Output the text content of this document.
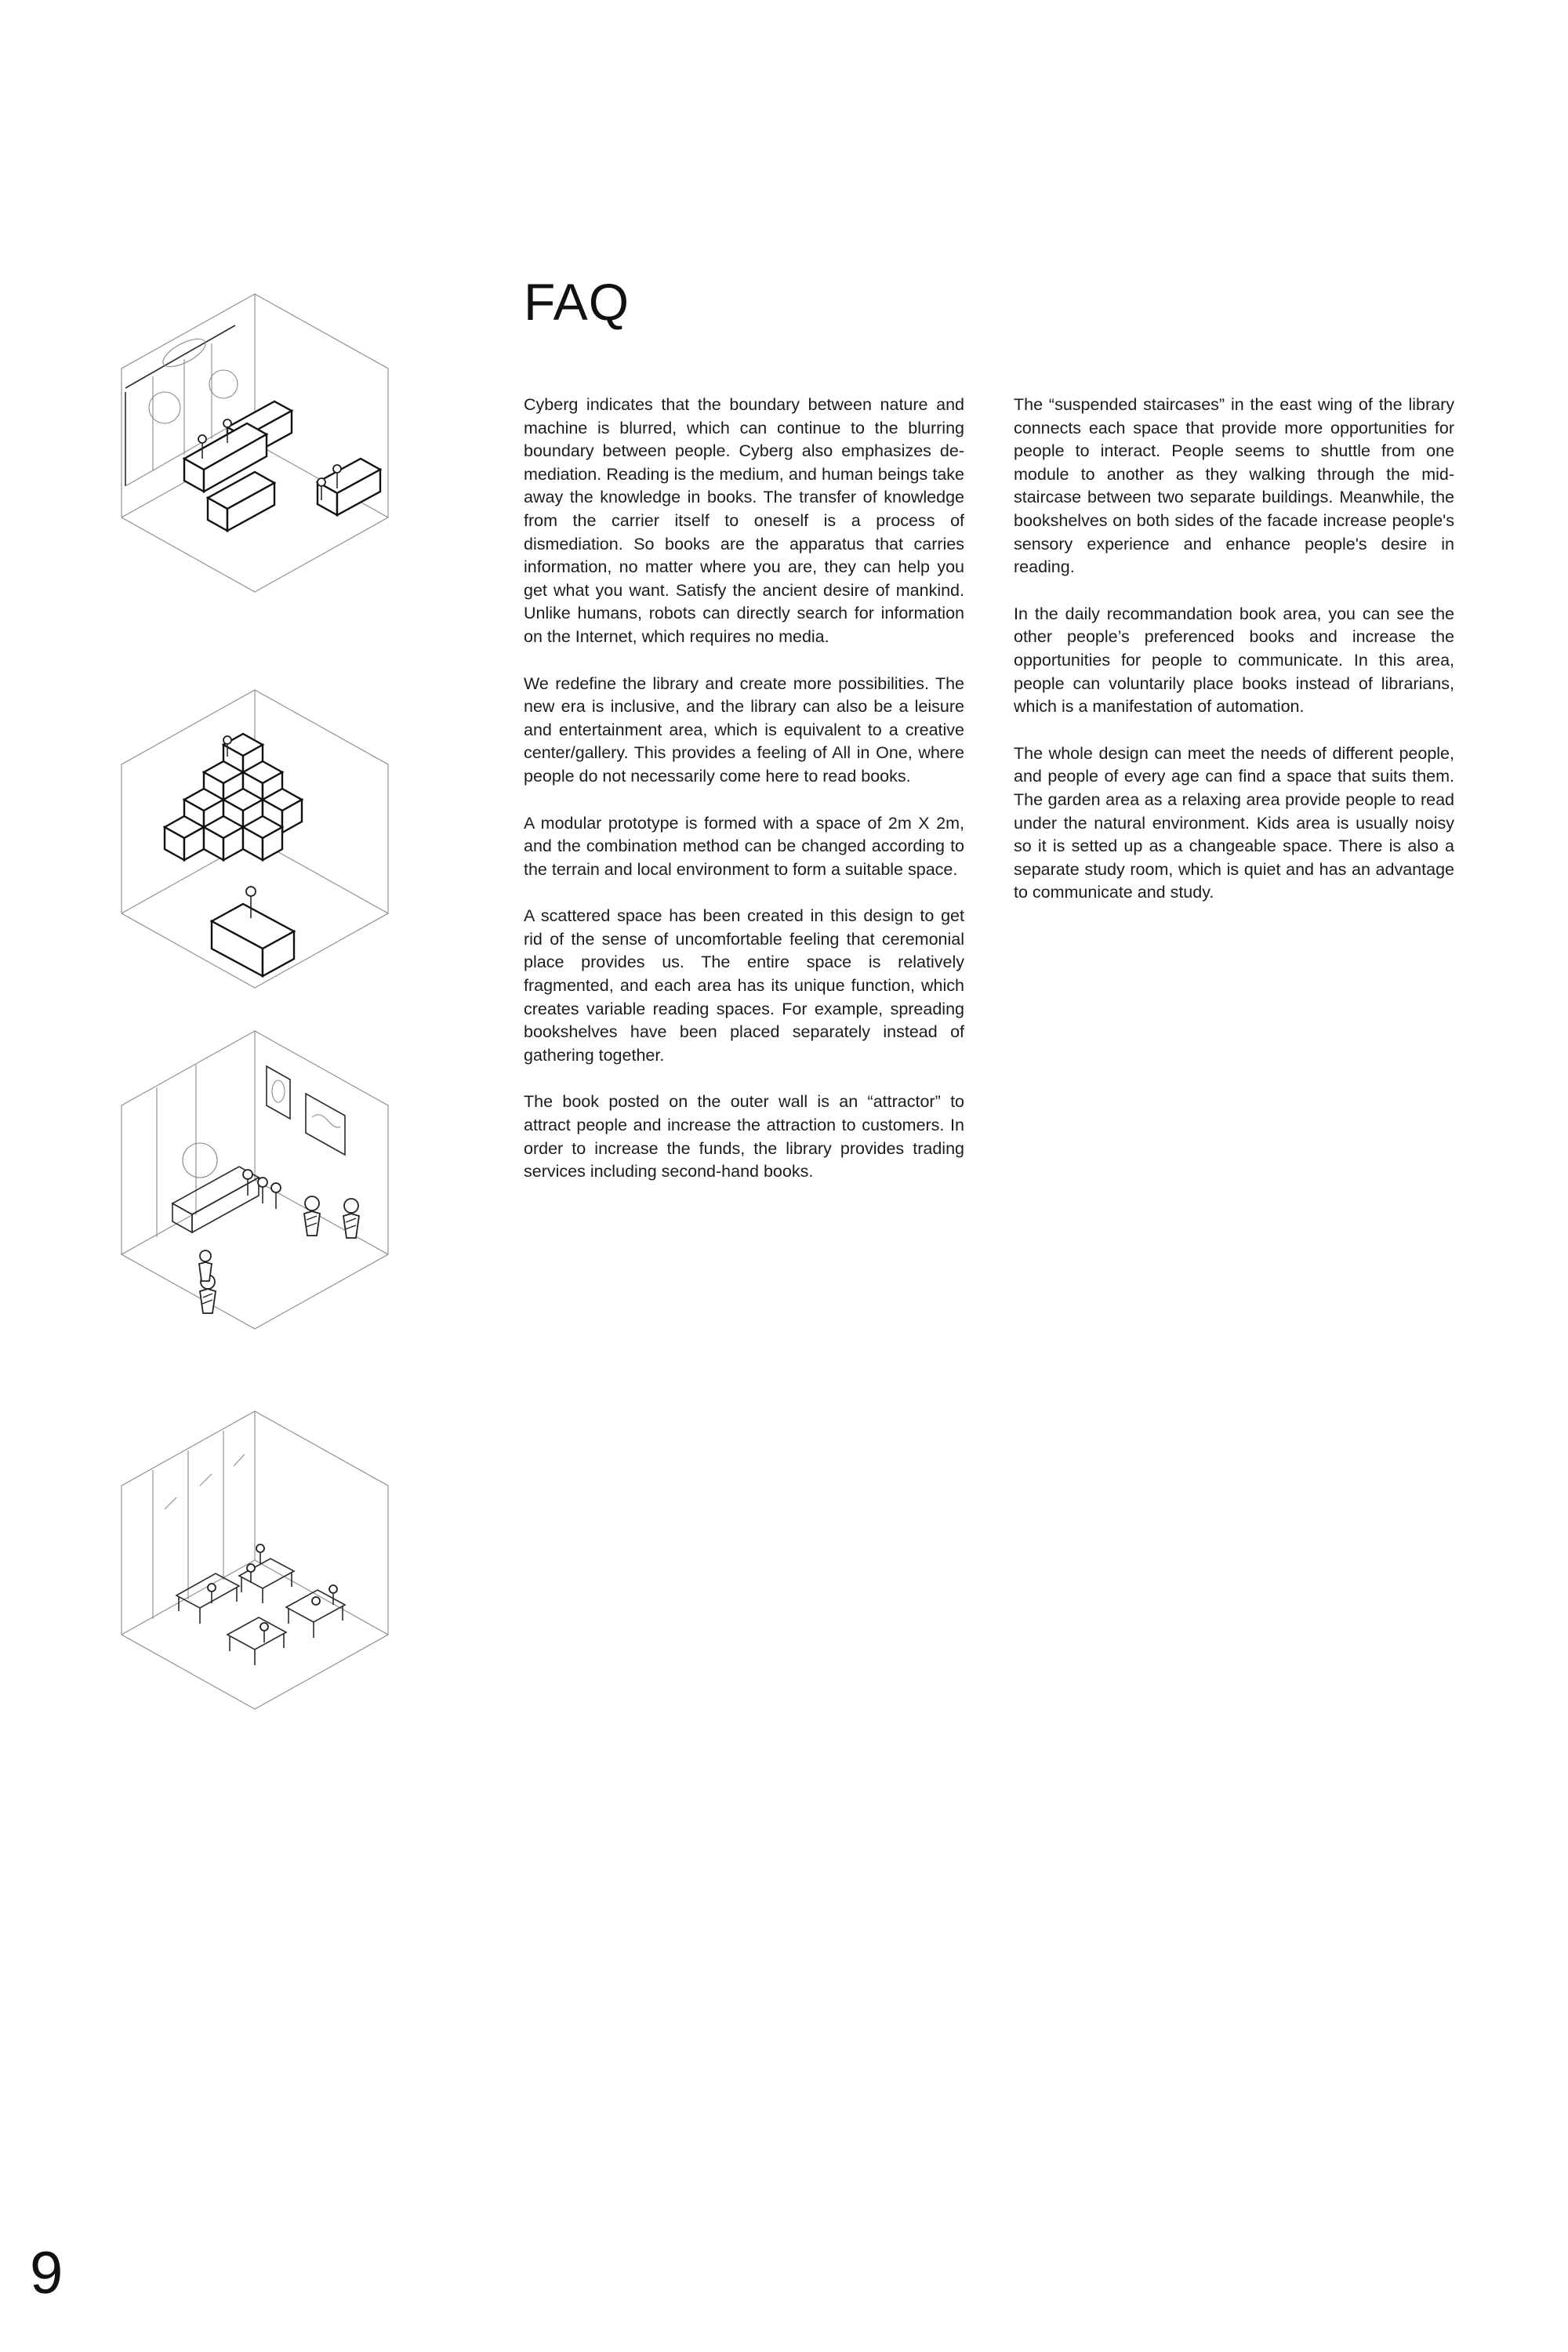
FAQ

Cyberg indicates that the boundary between nature and machine is blurred, which can continue to the blurring boundary between people. Cyberg also emphasizes de-mediation. Reading is the medium, and human beings take away the knowledge in books. The transfer of knowledge from the carrier itself to oneself is a process of dismediation. So books are the apparatus that carries information, no matter where you are, they can help you get what you want. Satisfy the ancient desire of mankind. Unlike humans, robots can directly search for information on the Internet, which requires no media.

We redefine the library and create more possibilities. The new era is inclusive, and the library can also be a leisure and entertainment area, which is equivalent to a creative center/gallery. This provides a feeling of All in One, where people do not necessarily come here to read books.

A modular prototype is formed with a space of 2m X 2m, and the combination method can be changed according to the terrain and local environment to form a suitable space.

A scattered space has been created in this design to get rid of the sense of uncomfortable feeling that ceremonial place provides us. The entire space is relatively fragmented, and each area has its unique function, which creates variable reading spaces. For example, spreading bookshelves have been placed separately instead of gathering together.

The book posted on the outer wall is an “attractor” to attract people and increase the attraction to customers. In order to increase the funds, the library provides trading services including second-hand books.

The “suspended staircases” in the east wing of the library connects each space that provide more opportunities for people to interact. People seems to shuttle from one module to another as they walking through the mid-staircase between two separate buildings. Meanwhile, the bookshelves on both sides of the facade increase people's sensory experience and enhance people's desire in reading.

In the daily recommandation book area, you can see the other people’s preferenced books and increase the opportunities for people to communicate. In this area, people can voluntarily place books instead of librarians, which is a manifestation of automation.

The whole design can meet the needs of different people, and people of every age can find a space that suits them. The garden area as a relaxing area provide people to read under the natural environment. Kids area is usually noisy so it is setted up as a changeable space. There is also a separate study room, which is quiet and has an advantage to communicate and study.

9
